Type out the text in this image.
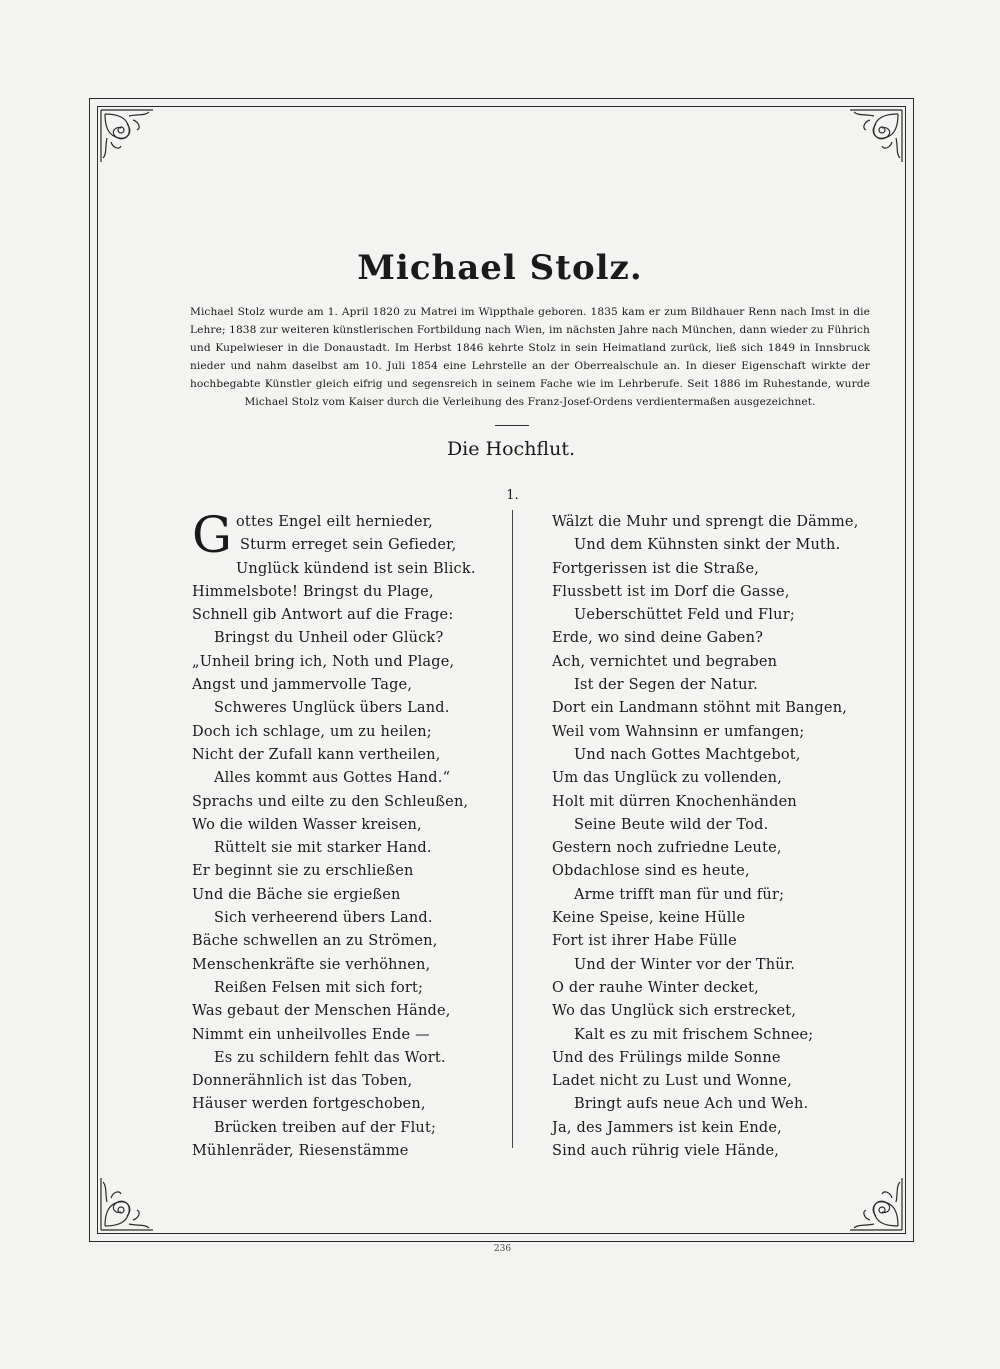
Michael Stolz.
Michael Stolz wurde am 1. April 1820 zu Matrei im Wippthale geboren. 1835 kam er zum Bildhauer Renn nach Imst in die Lehre; 1838 zur weiteren künstlerischen Fortbildung nach Wien, im nächsten Jahre nach München, dann wieder zu Führich und Kupelwieser in die Donaustadt. Im Herbst 1846 kehrte Stolz in sein Heimatland zurück, ließ sich 1849 in Innsbruck nieder und nahm daselbst am 10. Juli 1854 eine Lehrstelle an der Oberrealschule an. In dieser Eigenschaft wirkte der hochbegabte Künstler gleich eifrig und segensreich in seinem Fache wie im Lehrberufe. Seit 1886 im Ruhestande, wurde Michael Stolz vom Kaiser durch die Verleihung des Franz-Josef-Ordens verdientermaßen ausgezeichnet.
Die Hochflut.
1.
G ottes Engel eilt hernieder,
Sturm erreget sein Gefieder,
Unglück kündend ist sein Blick.
Himmelsbote! Bringst du Plage,
Schnell gib Antwort auf die Frage:
Bringst du Unheil oder Glück?
„Unheil bring ich, Noth und Plage,
Angst und jammervolle Tage,
Schweres Unglück übers Land.
Doch ich schlage, um zu heilen;
Nicht der Zufall kann vertheilen,
Alles kommt aus Gottes Hand.“
Sprachs und eilte zu den Schleußen,
Wo die wilden Wasser kreisen,
Rüttelt sie mit starker Hand.
Er beginnt sie zu erschließen
Und die Bäche sie ergießen
Sich verheerend übers Land.
Bäche schwellen an zu Strömen,
Menschenkräfte sie verhöhnen,
Reißen Felsen mit sich fort;
Was gebaut der Menschen Hände,
Nimmt ein unheilvolles Ende —
Es zu schildern fehlt das Wort.
Donnerähnlich ist das Toben,
Häuser werden fortgeschoben,
Brücken treiben auf der Flut;
Mühlenräder, Riesenstämme
Wälzt die Muhr und sprengt die Dämme,
Und dem Kühnsten sinkt der Muth.
Fortgerissen ist die Straße,
Flussbett ist im Dorf die Gasse,
Ueberschüttet Feld und Flur;
Erde, wo sind deine Gaben?
Ach, vernichtet und begraben
Ist der Segen der Natur.
Dort ein Landmann stöhnt mit Bangen,
Weil vom Wahnsinn er umfangen;
Und nach Gottes Machtgebot,
Um das Unglück zu vollenden,
Holt mit dürren Knochenhänden
Seine Beute wild der Tod.
Gestern noch zufriedne Leute,
Obdachlose sind es heute,
Arme trifft man für und für;
Keine Speise, keine Hülle
Fort ist ihrer Habe Fülle
Und der Winter vor der Thür.
O der rauhe Winter decket,
Wo das Unglück sich erstrecket,
Kalt es zu mit frischem Schnee;
Und des Frülings milde Sonne
Ladet nicht zu Lust und Wonne,
Bringt aufs neue Ach und Weh.
Ja, des Jammers ist kein Ende,
Sind auch rührig viele Hände,
236
